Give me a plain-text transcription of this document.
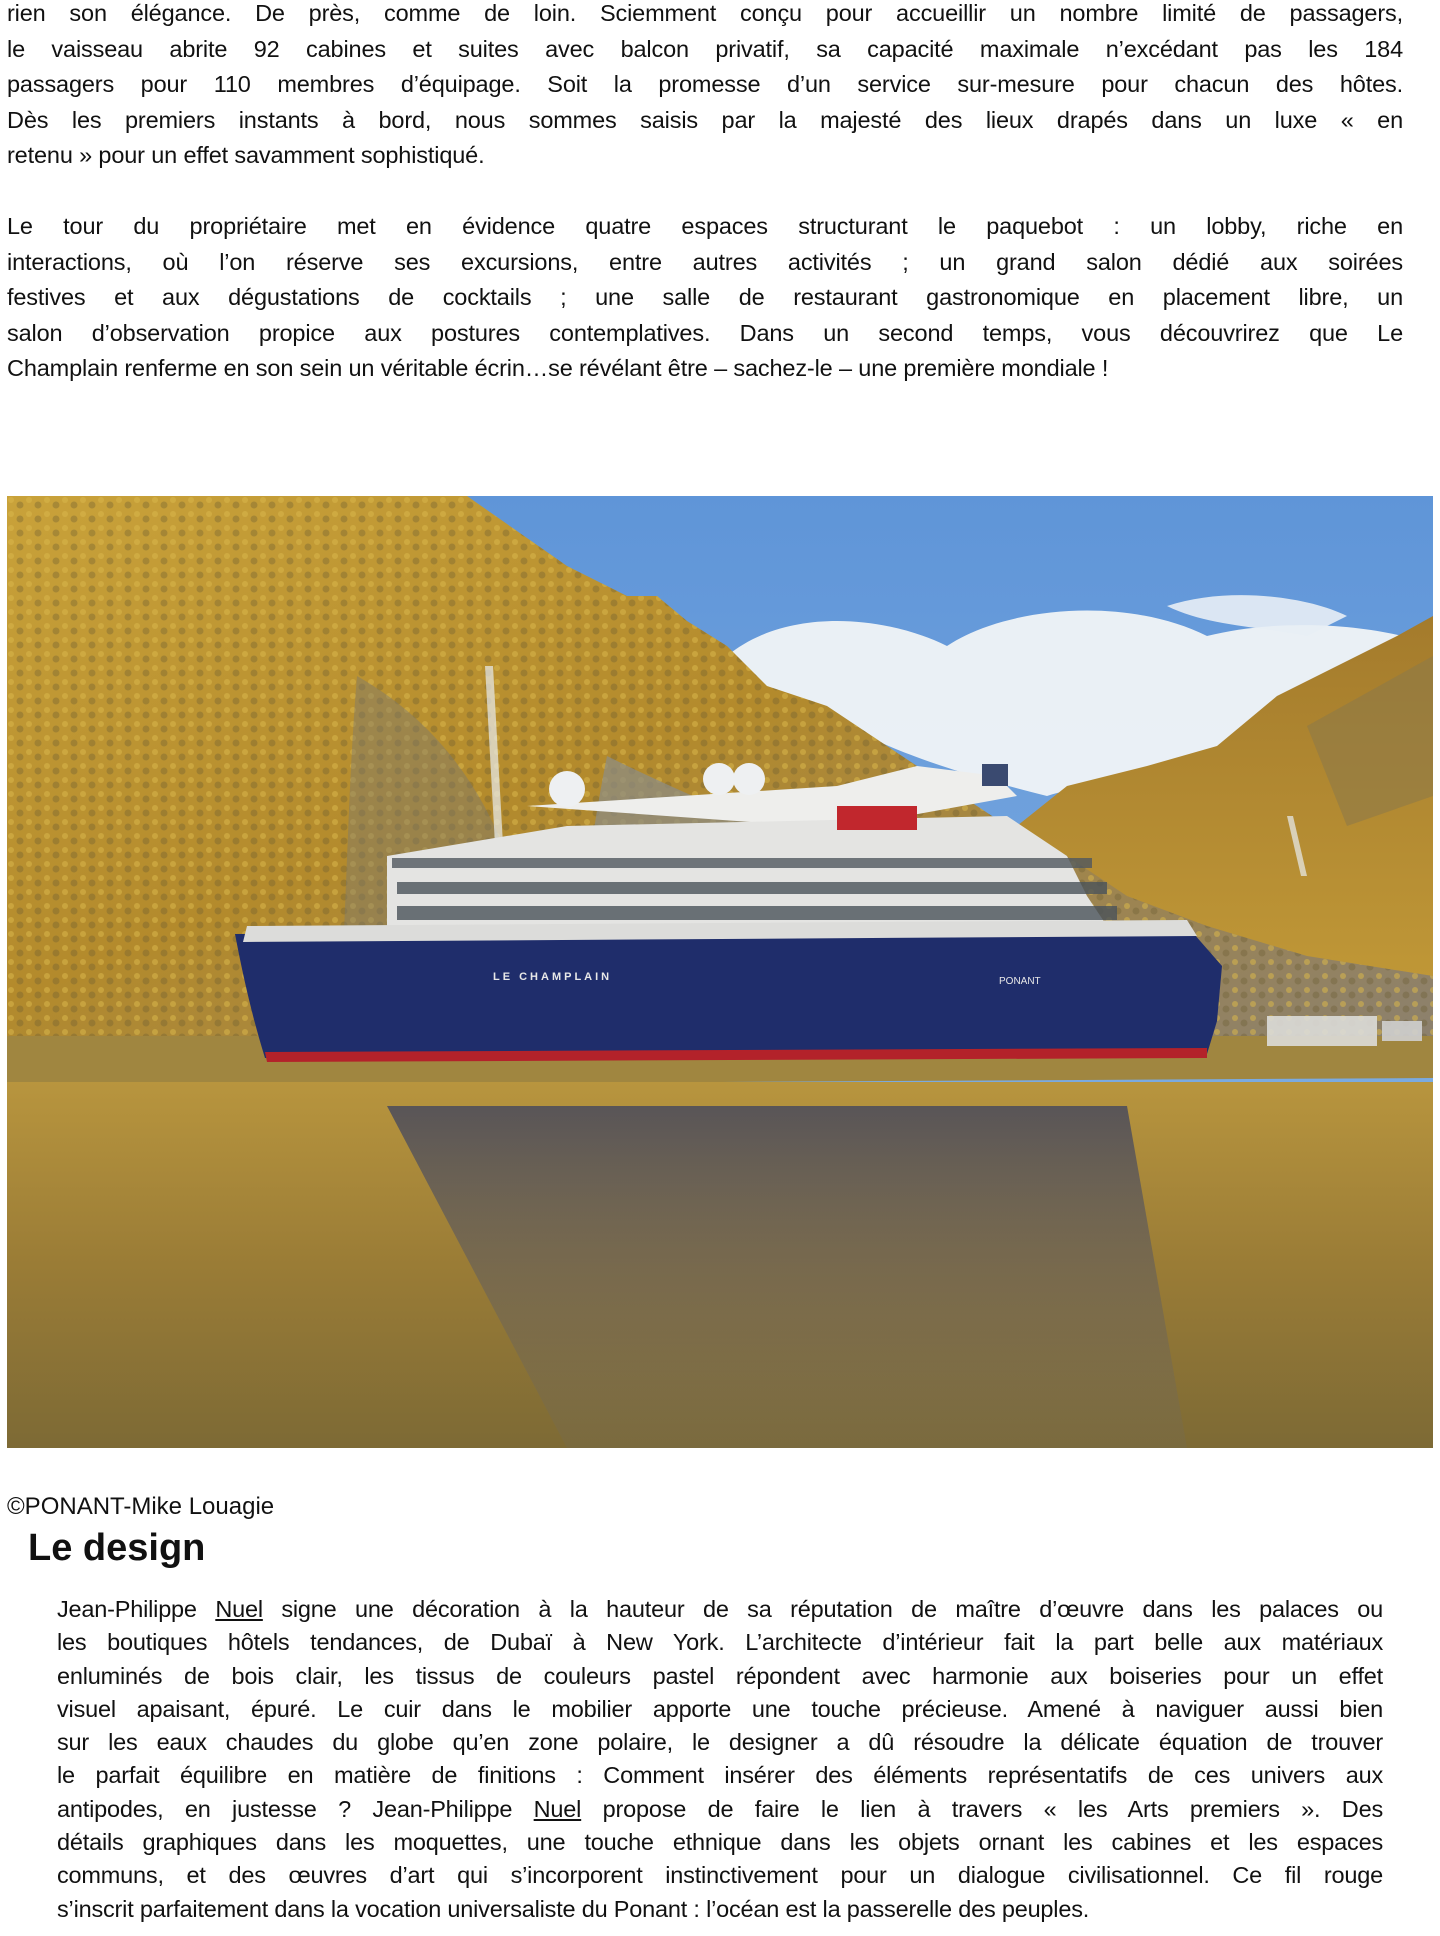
rien son élégance. De près, comme de loin. Sciemment conçu pour accueillir un nombre limité de passagers,
le vaisseau abrite 92 cabines et suites avec balcon privatif, sa capacité maximale n’excédant pas les 184
passagers pour 110 membres d’équipage. Soit la promesse d’un service sur-mesure pour chacun des hôtes.
Dès les premiers instants à bord, nous sommes saisis par la majesté des lieux drapés dans un luxe « en
retenu » pour un effet savamment sophistiqué.
Le tour du propriétaire met en évidence quatre espaces structurant le paquebot : un lobby, riche en
interactions, où l’on réserve ses excursions, entre autres activités ; un grand salon dédié aux soirées
festives et aux dégustations de cocktails ; une salle de restaurant gastronomique en placement libre, un
salon d’observation propice aux postures contemplatives. Dans un second temps, vous découvrirez que Le
Champlain renferme en son sein un véritable écrin…se révélant être – sachez-le – une première mondiale !
LE CHAMPLAIN	PONANT
©PONANT-Mike Louagie
Le design
Jean-Philippe Nuel signe une décoration à la hauteur de sa réputation de maître d’œuvre dans les palaces ou
les boutiques hôtels tendances, de Dubaï à New York. L’architecte d’intérieur fait la part belle aux matériaux
enluminés de bois clair, les tissus de couleurs pastel répondent avec harmonie aux boiseries pour un effet
visuel apaisant, épuré. Le cuir dans le mobilier apporte une touche précieuse. Amené à naviguer aussi bien
sur les eaux chaudes du globe qu’en zone polaire, le designer a dû résoudre la délicate équation de trouver
le parfait équilibre en matière de finitions : Comment insérer des éléments représentatifs de ces univers aux
antipodes, en justesse ? Jean-Philippe Nuel propose de faire le lien à travers « les Arts premiers ». Des
détails graphiques dans les moquettes, une touche ethnique dans les objets ornant les cabines et les espaces
communs, et des œuvres d’art qui s’incorporent instinctivement pour un dialogue civilisationnel. Ce fil rouge
s’inscrit parfaitement dans la vocation universaliste du Ponant : l’océan est la passerelle des peuples.
